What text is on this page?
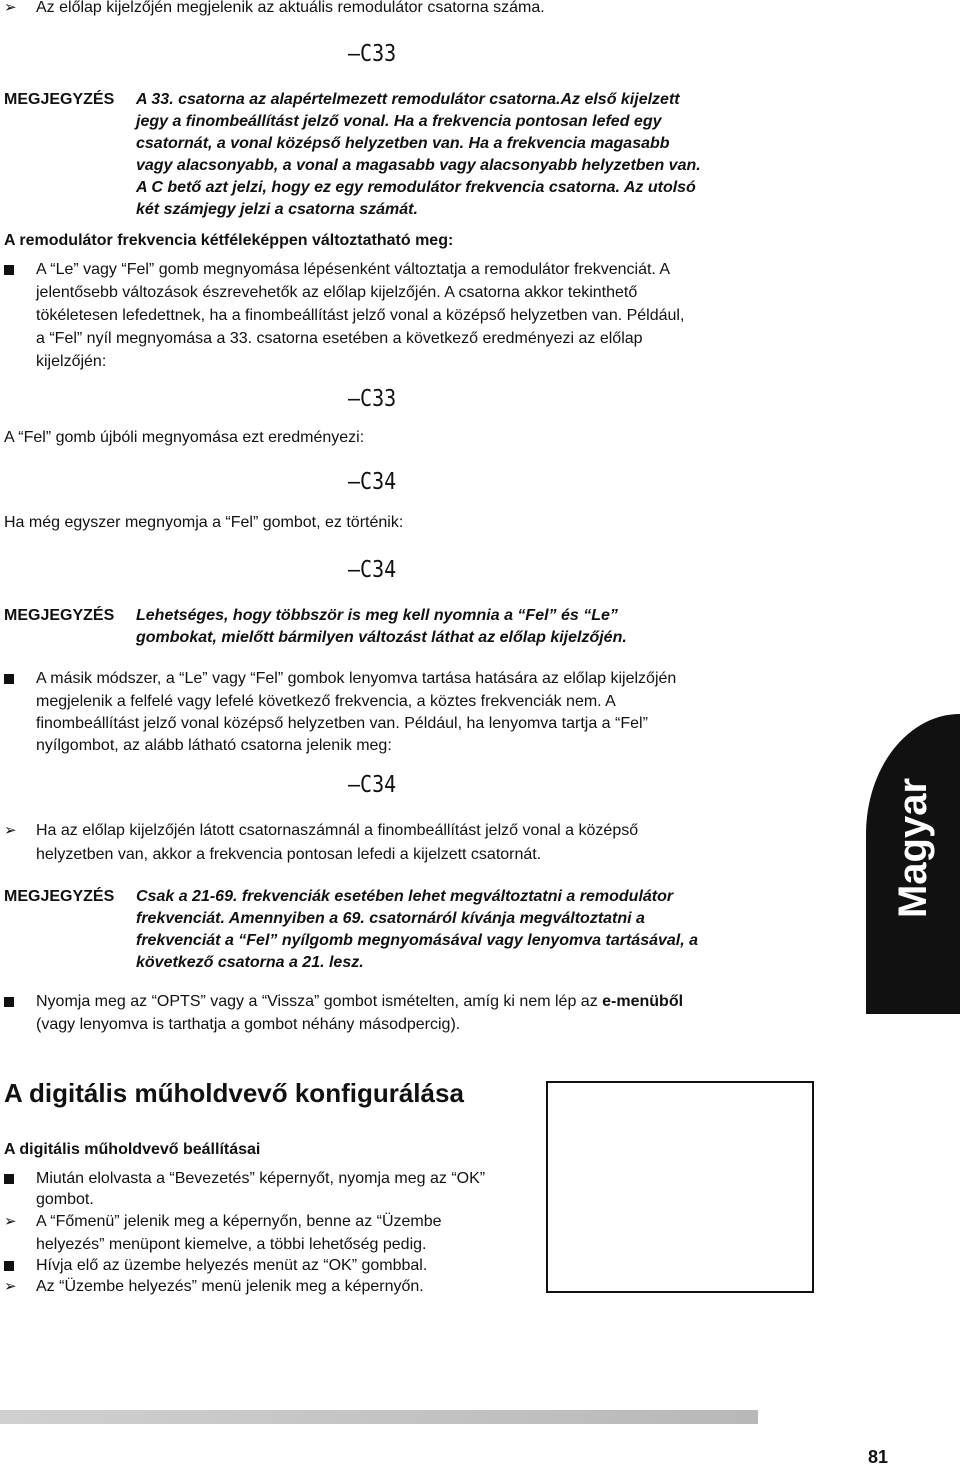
➢ Az előlap kijelzőjén megjelenik az aktuális remodulátor csatorna száma.
–C33
MEGJEGYZÉS A 33. csatorna az alapértelmezett remodulátor csatorna.Az első kijelzett
jegy a finombeállítást jelző vonal. Ha a frekvencia pontosan lefed egy
csatornát, a vonal középső helyzetben van. Ha a frekvencia magasabb
vagy alacsonyabb, a vonal a magasabb vagy alacsonyabb helyzetben van.
A C bető azt jelzi, hogy ez egy remodulátor frekvencia csatorna. Az utolsó
két számjegy jelzi a csatorna számát.
A remodulátor frekvencia kétféleképpen változtatható meg:
A “Le” vagy “Fel” gomb megnyomása lépésenként változtatja a remodulátor frekvenciát. A
jelentősebb változások észrevehetők az előlap kijelzőjén. A csatorna akkor tekinthető
tökéletesen lefedettnek, ha a finombeállítást jelző vonal a középső helyzetben van. Például,
a “Fel” nyíl megnyomása a 33. csatorna esetében a következő eredményezi az előlap
kijelzőjén:
–C33
A “Fel” gomb újbóli megnyomása ezt eredményezi:
–C34
Ha még egyszer megnyomja a “Fel” gombot, ez történik:
–C34
MEGJEGYZÉS Lehetséges, hogy többször is meg kell nyomnia a “Fel” és “Le”
gombokat, mielőtt bármilyen változást láthat az előlap kijelzőjén.
A másik módszer, a “Le” vagy “Fel” gombok lenyomva tartása hatására az előlap kijelzőjén
megjelenik a felfelé vagy lefelé következő frekvencia, a köztes frekvenciák nem. A
finombeállítást jelző vonal középső helyzetben van. Például, ha lenyomva tartja a “Fel”
nyílgombot, az alább látható csatorna jelenik meg:
–C34
➢ Ha az előlap kijelzőjén látott csatornaszámnál a finombeállítást jelző vonal a középső
helyzetben van, akkor a frekvencia pontosan lefedi a kijelzett csatornát.
MEGJEGYZÉS Csak a 21-69. frekvenciák esetében lehet megváltoztatni a remodulátor
frekvenciát. Amennyiben a 69. csatornáról kívánja megváltoztatni a
frekvenciát a “Fel” nyílgomb megnyomásával vagy lenyomva tartásával, a
következő csatorna a 21. lesz.
Nyomja meg az “OPTS” vagy a “Vissza” gombot ismételten, amíg ki nem lép az e-menüből
(vagy lenyomva is tarthatja a gombot néhány másodpercig).
A digitális műholdvevő konfigurálása
A digitális műholdvevő beállításai
Miután elolvasta a “Bevezetés” képernyőt, nyomja meg az “OK”
gombot.
➢ A “Főmenü” jelenik meg a képernyőn, benne az “Üzembe
helyezés” menüpont kiemelve, a többi lehetőség pedig.
Hívja elő az üzembe helyezés menüt az “OK” gombbal.
➢ Az “Üzembe helyezés” menü jelenik meg a képernyőn.
Magyar
81
